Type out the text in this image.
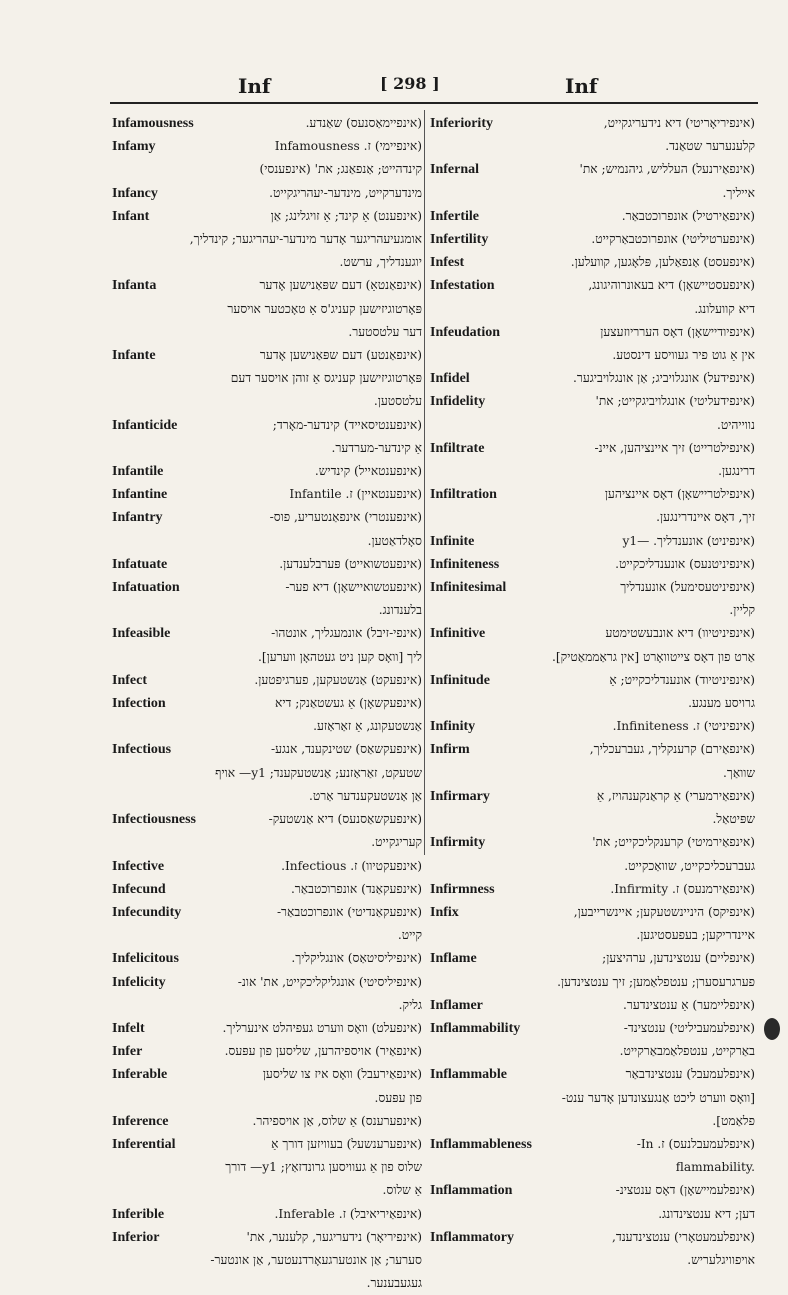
Inf	[ 298 ]	Inf
Infamousness	(אינפיימאַסנעס) שאַנדע.
Infamy	(אינפיימי) ז. Infamousness
קינדהייט; אַנפאַנג; את' (אינפענסי)
Infancy	מינדערקייט, מינדער-יעהריגקייט.
Infant	(אינפענט) אַ קינד; אַ זויגלינג; אַן
אומגעיעהריגער אָדער מינדער-יעהריגער; קינדליך,
יוגענדליך, ערשט.
Infanta	(אינפאַנטאַ) דעם שפּאַנישען אָדער
פּאָרטוגיזישען קעניג'ס אַ טאָכטער אויסער
דער עלטסטער.
Infante	(אינפאַנטע) דעם שפּאַנישען אָדער
פּאָרטוגיזישען קעניגס אַ זוהן אויסער דעם
עלטסטען.
Infanticide	(אינפענטיסאייד) קינדער-מאָרד;
אַ קינדער-מערדער.
Infantile	(אינפענטאייל) קינדיש.
Infantine	(אינפענטאיין) ז. Infantile
Infantry	(אינפענטרי) אינפאַנטעריע, פוס-
סאָלדאַטען.
Infatuate	(אינפעטשואייט) פּערבלענדען.
Infatuation	(אינפעטשואיישאָן) דיא פער-
בלענדונג.
Infeasible	(אינפי-זיבל) אונמעגליך, אונטהו-
ליך [וואָס קען ניט געטהאָן ווערען].
Infect	(אינפעקט) אַנשטעקען, פערגיפטען.
Infection	(אינפעקשאָן) אַ געשטאַנק; דיא
אַנשטעקונג, אַ זאַראַזע.
Infectious	(אינפעקשאַס) שטינקענד, אנגע-
שטעקט, זאַראַזנע; אַנשטעקענד; y1— אויף
אַן אַנשטעקענדער אַרט.
Infectiousness	(אינפעקשאַסנעס) דיא אַנשטעק-
קעריגקייט.
Infective	(אינפעקטיוו) ז. Infectious.
Infecund	(אינפעקאַנד) אונפרוכטבאַר.
Infecundity	(אינפעקאַנדיטי) אונפרוכטבאַר-
קייט.
Infelicitous	(אינפיליסיטאַס) אונגליקליך.
Infelicity	(אינפיליסיטי) אונגליקליכקייט, את' אונ-
גליק.
Infelt	(אינפעלט) וואָס ווערט געפיהלט אינערליך.
Infer	(אינפאַיר) אויספיהרען, שליסען פון עפּעס.
Inferable	(אינפאַירעבל) וואָס איז צו שליסען
פון עפּעס.
Inference	(אינפערענס) אַ שלוס, אַן אויספיהר.
Inferential	(אינפערענשעל) בעוויזען דורך אַ
שלוס פון אַ געוויסען גרונדזאַץ; y1— דורך
אַ שלוס.
Inferible	(אינפאַיריאיבל) ז. Inferable.
Inferior	(אינפיריאָר) נידעריגער, קלענער, את'
סערער; אַן אונטערגעאָרדנעטער, אַן אונטער-
געגעבענער.
Inferiority	(אינפיריאָריטי) דיא נידעריגקייט,
קלענערער שטאַנד.
Infernal	(אינפאַירנעל) העלליש, גיהנמיש; את'
אייליך.
Infertile	(אינפאַירטיל) אונפרוכטבאַר.
Infertility	(אינפערטיליטי) אונפרוכטבאַרקייט.
Infest	(אינפעסט) אַנפאַלען, פּלאָגען, קוועלען.
Infestation	(אינפעסטיישאָן) דיא בעאונרוהיגונג,
דיא קוועלונג.
Infeudation	(אינפיודיישאָן) דאָס הערריוזעצען
אין אַ גוט פיר געוויסע דינסטע.
Infidel	(אינפידעל) אונגלויביג; אַן אונגלויביגער.
Infidelity	(אינפידעליטי) אונגלויביגקייט; את'
נווייהיט.
Infiltrate	(אינפילטרייט) זיך איינציהען, איינ-
דרינגען.
Infiltration	(אינפילטריישאָן) דאָס איינציהען
זיך, דאָס איינדרינגען.
Infinite	(אינפיניט) אונענדליך. —y1
Infiniteness	(אינפיניטנעס) אונענדליכקייט.
Infinitesimal	(אינפיניטעסימעל) אונענדליך
קליין.
Infinitive	(אינפיניטיוו) דיא אונבעשטימטע
אַרט פון דאָס צייטוואָרט [אין גראַממאַטיק].
Infinitude	(אינפיניטיוד) אונענדליכקייט; אַ
גרויסע מענגע.
Infinity	(אינפיניטי) ז. Infiniteness.
Infirm	(אינפאַירם) קרענקליך, געברעכליך,
שוואַך.
Infirmary	(אינפאַירמערי) אַ קראַנקענהויז, אַ
שפּיטאַל.
Infirmity	(אינפאַירמיטי) קרענקליכקייט; את'
געברעכליכקייט, שוואַכקייט.
Infirmness	(אינפאַירמנעס) ז. Infirmity.
Infix	(אינפיקס) היניינשטעקען; איינשרייבען,
איינדריקען; בעפעסטיגען.
Inflame	(אינפליים) ענטצינדען, ערהיצען;
פערגרעסערן; ענטפלאַמען; זיך ענטצינדען.
Inflamer	(אינפליימער) אַ ענטצינדער.
Inflammability	(אינפלעמעביליטי) ענטצינד-
באַרקייט, ענטפלאַמבאַרקייט.
Inflammable	(אינפלעמעבל) ענטצינדבאַר
[וואָס ווערט ליכט אַנגעצונדען אָדער ענט-
פלאַמט].
Inflammableness	(אינפלעמעבלנעס) ז. In-
flammability.
Inflammation	(אינפלעמיישאָן) דאָס ענטצינ-
דען; דיא ענטצינדונג.
Inflammatory	(אינפלעמעטאָרי) ענטצינדענד,
אויפוויגלעריש.
